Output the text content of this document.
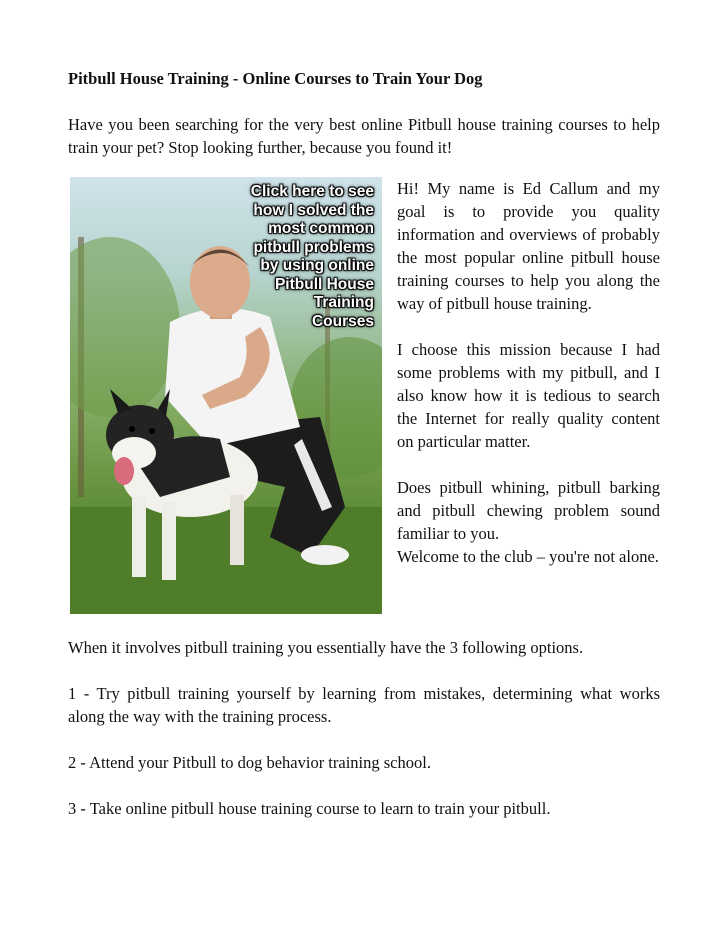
Pitbull House Training - Online Courses to Train Your Dog

Have you been searching for the very best online Pitbull house training courses to help train your pet? Stop looking further, because you found it!

Click here to see
how I solved the
most common
pitbull problems
by using online
Pitbull House
Training
Courses

Hi! My name is Ed Callum and my goal is to provide you quality information and overviews of probably the most popular online pitbull house training courses to help you along the way of pitbull house training.

I choose this mission because I had some problems with my pitbull, and I also know how it is tedious to search the Internet for really quality content on particular matter.

Does pitbull whining, pitbull barking and pitbull chewing problem sound familiar to you.

Welcome to the club – you're not alone.

When it involves pitbull training you essentially have the 3 following options.

1 - Try pitbull training yourself by learning from mistakes, determining what works along the way with the training process.

2 - Attend your Pitbull to dog behavior training school.

3 - Take online pitbull house training course to learn to train your pitbull.
